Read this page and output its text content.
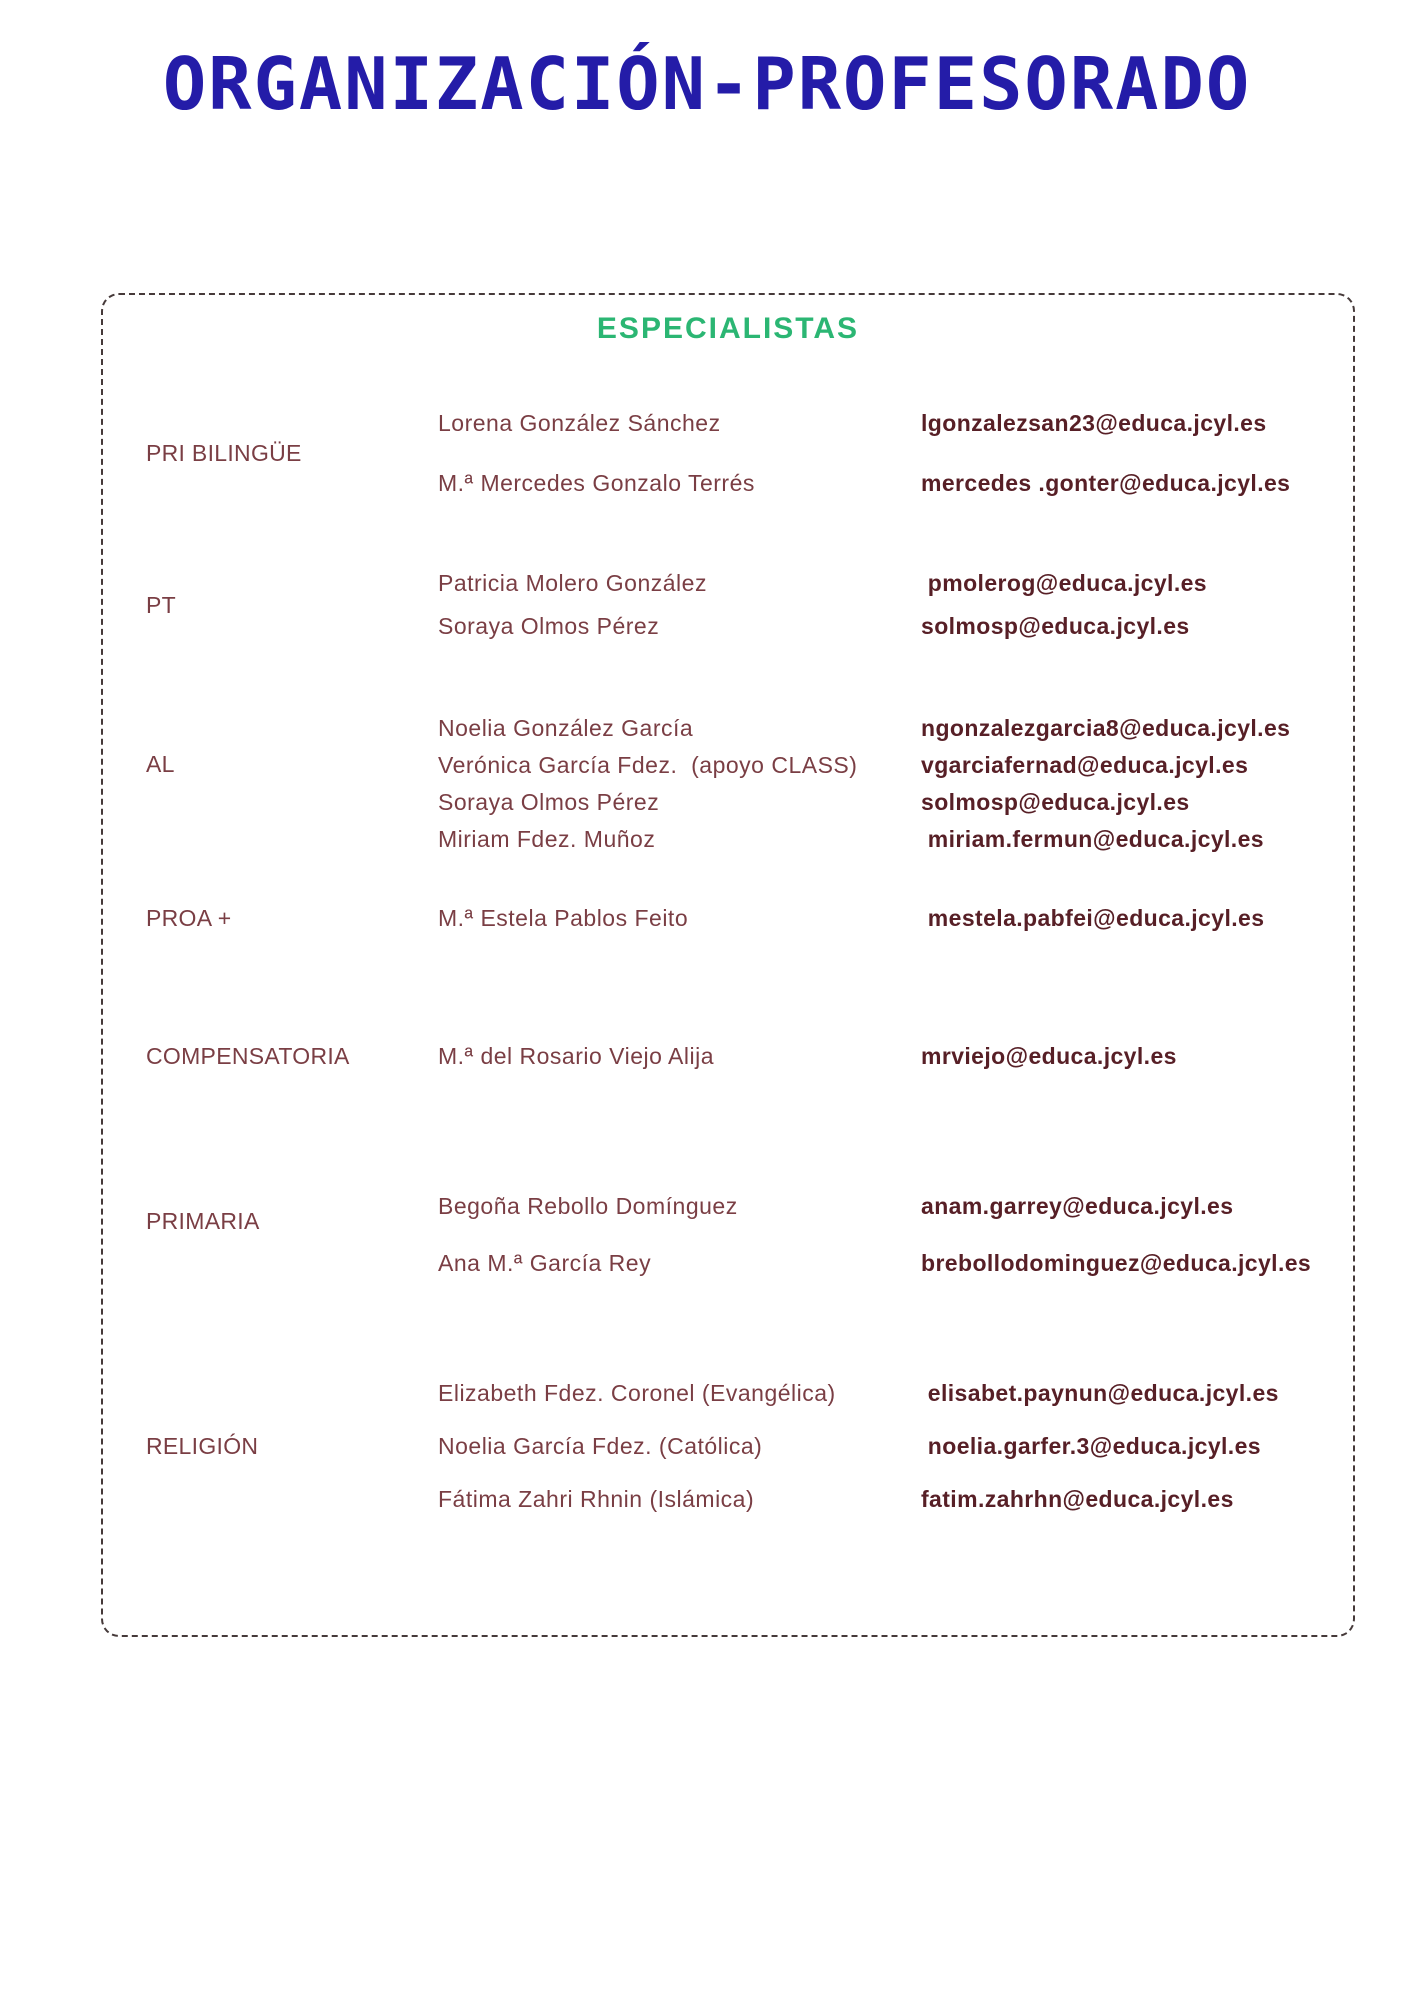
ORGANIZACIÓN-PROFESORADO
ESPECIALISTAS
PRI BILINGÜE
Lorena González Sánchez	lgonzalezsan23@educa.jcyl.es
M.ª Mercedes Gonzalo Terrés	mercedes .gonter@educa.jcyl.es
PT
Patricia Molero González	pmolerog@educa.jcyl.es
Soraya Olmos Pérez	solmosp@educa.jcyl.es
AL
Noelia González García	ngonzalezgarcia8@educa.jcyl.es
Verónica García Fdez.  (apoyo CLASS)	vgarciafernad@educa.jcyl.es
Soraya Olmos Pérez	solmosp@educa.jcyl.es
Miriam Fdez. Muñoz	miriam.fermun@educa.jcyl.es
PROA +	M.ª Estela Pablos Feito	mestela.pabfei@educa.jcyl.es
COMPENSATORIA	M.ª del Rosario Viejo Alija	mrviejo@educa.jcyl.es
PRIMARIA
Begoña Rebollo Domínguez	anam.garrey@educa.jcyl.es
Ana M.ª García Rey	brebollodominguez@educa.jcyl.es
RELIGIÓN
Elizabeth Fdez. Coronel (Evangélica)	elisabet.paynun@educa.jcyl.es
Noelia García Fdez. (Católica)	noelia.garfer.3@educa.jcyl.es
Fátima Zahri Rhnin (Islámica)	fatim.zahrhn@educa.jcyl.es
